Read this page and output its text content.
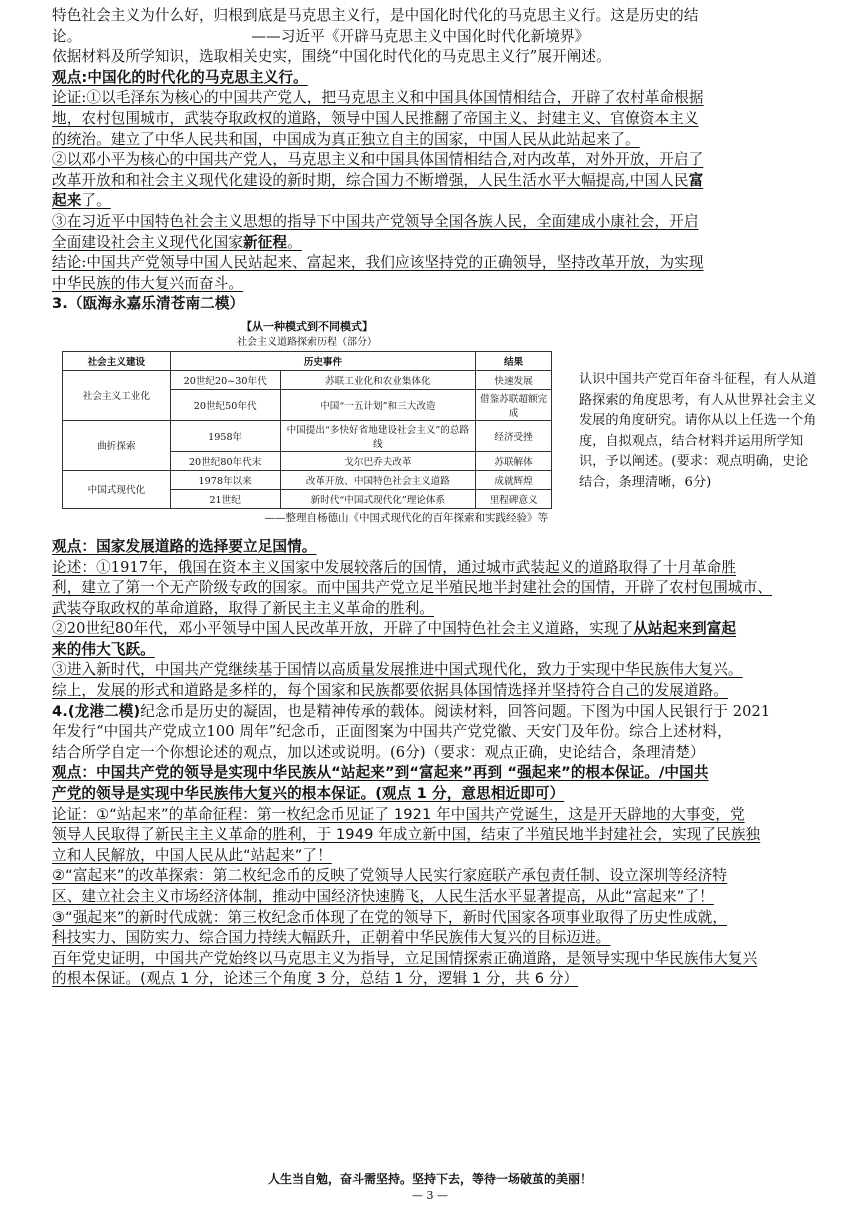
特色社会主义为什么好，归根到底是马克思主义行，是中国化时代化的马克思主义行。这是历史的结
论。	——习近平《开辟马克思主义中国化时代化新境界》
依据材料及所学知识，选取相关史实，围绕“中国化时代化的马克思主义行”展开阐述。
观点:中国化的时代化的马克思主义行。
论证:①以毛泽东为核心的中国共产党人，把马克思主义和中国具体国情相结合，开辟了农村革命根据
地，农村包围城市，武装夺取政权的道路，领导中国人民推翻了帝国主义、封建主义、官僚资本主义
的统治。建立了中华人民共和国，中国成为真正独立自主的国家，中国人民从此站起来了。
②以邓小平为核心的中国共产党人，马克思主义和中国具体国情相结合,对内改革，对外开放，开启了
改革开放和和社会主义现代化建设的新时期，综合国力不断增强，人民生活水平大幅提高,中国人民富
起来了。
③在习近平中国特色社会主义思想的指导下中国共产党领导全国各族人民，全面建成小康社会，开启
全面建设社会主义现代化国家新征程。
结论:中国共产党领导中国人民站起来、富起来，我们应该坚持党的正确领导，坚持改革开放，为实现
中华民族的伟大复兴而奋斗。
3.（瓯海永嘉乐清苍南二模）
【从一种模式到不同模式】
社会主义道路探索历程（部分）
社会主义建设	历史事件		结果
社会主义工业化	20世纪20~30年代	苏联工业化和农业集体化	快速发展
	20世纪50年代	中国“一五计划”和三大改造	借鉴苏联超额完成
曲折探索	1958年	中国提出“多快好省地建设社会主义”的总路线	经济受挫
	20世纪80年代末	戈尔巴乔夫改革	苏联解体
中国式现代化	1978年以来	改革开放、中国特色社会主义道路	成就辉煌
	21世纪	新时代“中国式现代化”理论体系	里程碑意义
——整理自杨德山《中国式现代化的百年探索和实践经验》等
认识中国共产党百年奋斗征程，有人从道路探索的角度思考，有人从世界社会主义发展的角度研究。请你从以上任选一个角度，自拟观点，结合材料并运用所学知识，予以阐述。(要求：观点明确，史论结合，条理清晰，6分)
观点：国家发展道路的选择要立足国情。
论述：①1917年，俄国在资本主义国家中发展较落后的国情，通过城市武装起义的道路取得了十月革命胜
利，建立了第一个无产阶级专政的国家。而中国共产党立足半殖民地半封建社会的国情，开辟了农村包围城市、
武装夺取政权的革命道路，取得了新民主主义革命的胜利。
②20世纪80年代，邓小平领导中国人民改革开放，开辟了中国特色社会主义道路，实现了从站起来到富起
来的伟大飞跃。
③进入新时代，中国共产党继续基于国情以高质量发展推进中国式现代化，致力于实现中华民族伟大复兴。
综上，发展的形式和道路是多样的，每个国家和民族都要依据具体国情选择并坚持符合自己的发展道路。
4.(龙港二模)纪念币是历史的凝固，也是精神传承的载体。阅读材料，回答问题。下图为中国人民银行于 2021
年发行“中国共产党成立100 周年”纪念币，正面图案为中国共产党党徽、天安门及年份。综合上述材料，
结合所学自定一个你想论述的观点，加以述或说明。(6分)（要求：观点正确，史论结合，条理清楚）
观点：中国共产党的领导是实现中华民族从“站起来”到“富起来”再到 “强起来”的根本保证。/中国共
产党的领导是实现中华民族伟大复兴的根本保证。(观点 1 分，意思相近即可）
论证：①“站起来”的革命征程：第一枚纪念币见证了 1921 年中国共产党诞生，这是开天辟地的大事变，党
领导人民取得了新民主主义革命的胜利，于 1949 年成立新中国，结束了半殖民地半封建社会，实现了民族独
立和人民解放，中国人民从此“站起来”了！
②“富起来”的改革探索：第二枚纪念币的反映了党领导人民实行家庭联产承包责任制、设立深圳等经济特
区、建立社会主义市场经济体制，推动中国经济快速腾飞，人民生活水平显著提高，从此“富起来”了！
③“强起来”的新时代成就：第三枚纪念币体现了在党的领导下，新时代国家各项事业取得了历史性成就，
科技实力、国防实力、综合国力持续大幅跃升，正朝着中华民族伟大复兴的目标迈进。
百年党史证明，中国共产党始终以马克思主义为指导，立足国情探索正确道路，是领导实现中华民族伟大复兴
的根本保证。(观点 1 分，论述三个角度 3 分，总结 1 分，逻辑 1 分，共 6 分）
人生当自勉，奋斗需坚持。坚持下去，等待一场破茧的美丽！
— 3 —
